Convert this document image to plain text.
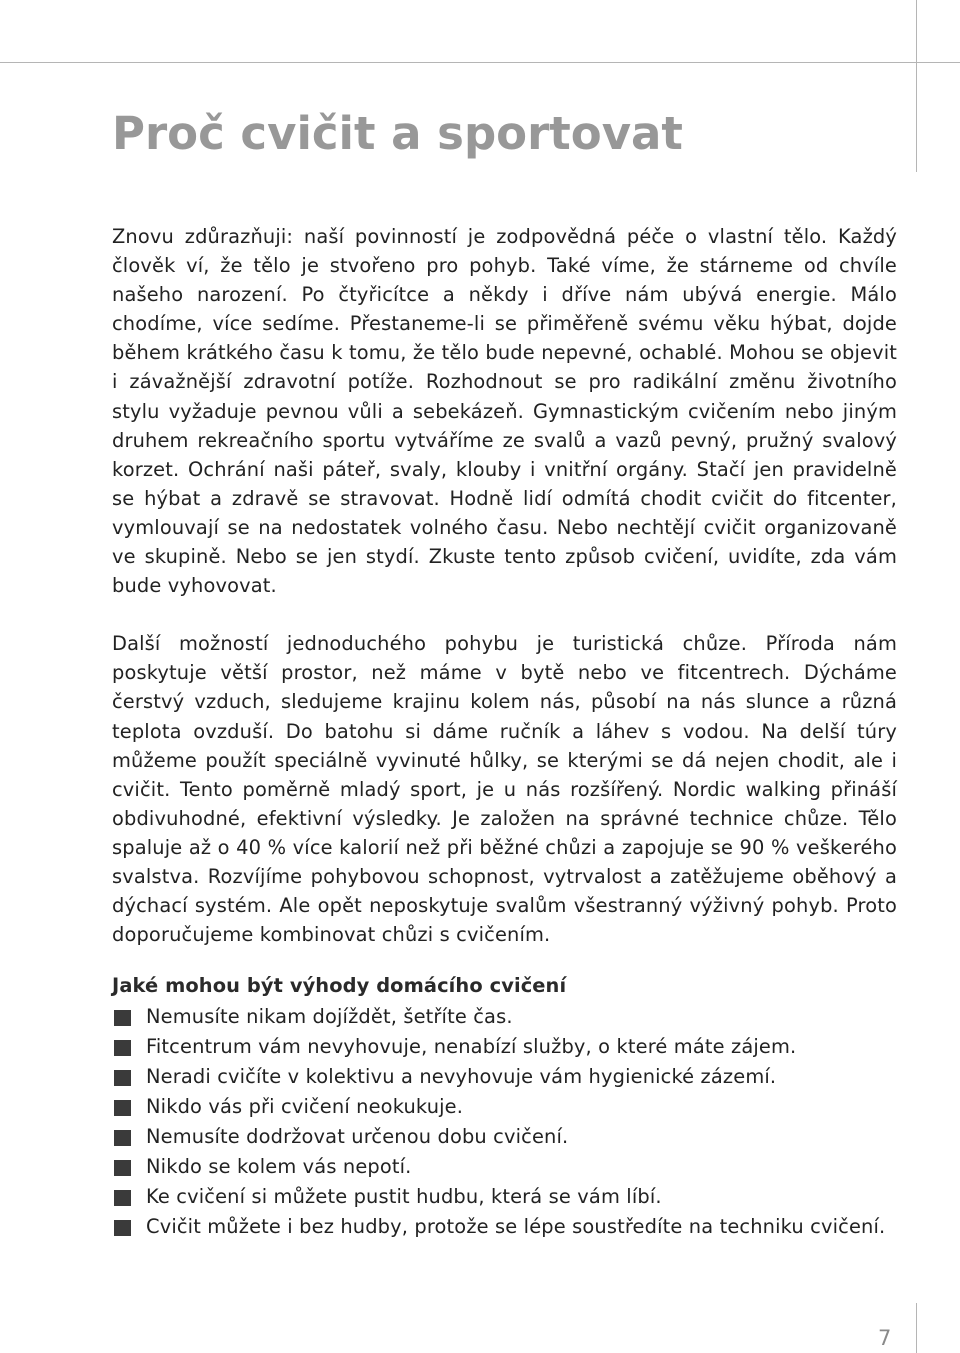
Proč cvičit a sportovat

Znovu zdůrazňuji: naší povinností je zodpovědná péče o vlastní tělo. Každý člověk ví, že tělo je stvořeno pro pohyb. Také víme, že stárneme od chvíle našeho narození. Po čtyřicítce a někdy i dříve nám ubývá energie. Málo chodíme, více sedíme. Přestaneme-li se přiměřeně svému věku hýbat, dojde během krátkého času k tomu, že tělo bude nepevné, ochablé. Mohou se objevit i závažnější zdravotní potíže. Rozhodnout se pro radikální změnu životního stylu vyžaduje pevnou vůli a sebekázeň. Gymnastickým cvičením nebo jiným druhem rekreačního sportu vytváříme ze svalů a vazů pevný, pružný svalový korzet. Ochrání naši páteř, svaly, klouby i vnitřní orgány. Stačí jen pravidelně se hýbat a zdravě se stravovat. Hodně lidí odmítá chodit cvičit do fitcenter, vymlouvají se na nedostatek volného času. Nebo nechtějí cvičit organizovaně ve skupině. Nebo se jen stydí. Zkuste tento způsob cvičení, uvidíte, zda vám bude vyhovovat.

Další možností jednoduchého pohybu je turistická chůze. Příroda nám poskytuje větší prostor, než máme v bytě nebo ve fitcentrech. Dýcháme čerstvý vzduch, sledujeme krajinu kolem nás, působí na nás slunce a různá teplota ovzduší. Do batohu si dáme ručník a láhev s vodou. Na delší túry můžeme použít speciálně vyvinuté hůlky, se kterými se dá nejen chodit, ale i cvičit. Tento poměrně mladý sport, je u nás rozšířený. Nordic walking přináší obdivuhodné, efektivní výsledky. Je založen na správné technice chůze. Tělo spaluje až o 40 % více kalorií než při běžné chůzi a zapojuje se 90 % veškerého svalstva. Rozvíjíme pohybovou schopnost, vytrvalost a zatěžujeme oběhový a dýchací systém. Ale opět neposkytuje svalům všestranný výživný pohyb. Proto doporučujeme kombinovat chůzi s cvičením.

Jaké mohou být výhody domácího cvičení
Nemusíte nikam dojíždět, šetříte čas.
Fitcentrum vám nevyhovuje, nenabízí služby, o které máte zájem.
Neradi cvičíte v kolektivu a nevyhovuje vám hygienické zázemí.
Nikdo vás při cvičení neokukuje.
Nemusíte dodržovat určenou dobu cvičení.
Nikdo se kolem vás nepotí.
Ke cvičení si můžete pustit hudbu, která se vám líbí.
Cvičit můžete i bez hudby, protože se lépe soustředíte na techniku cvičení.
7
